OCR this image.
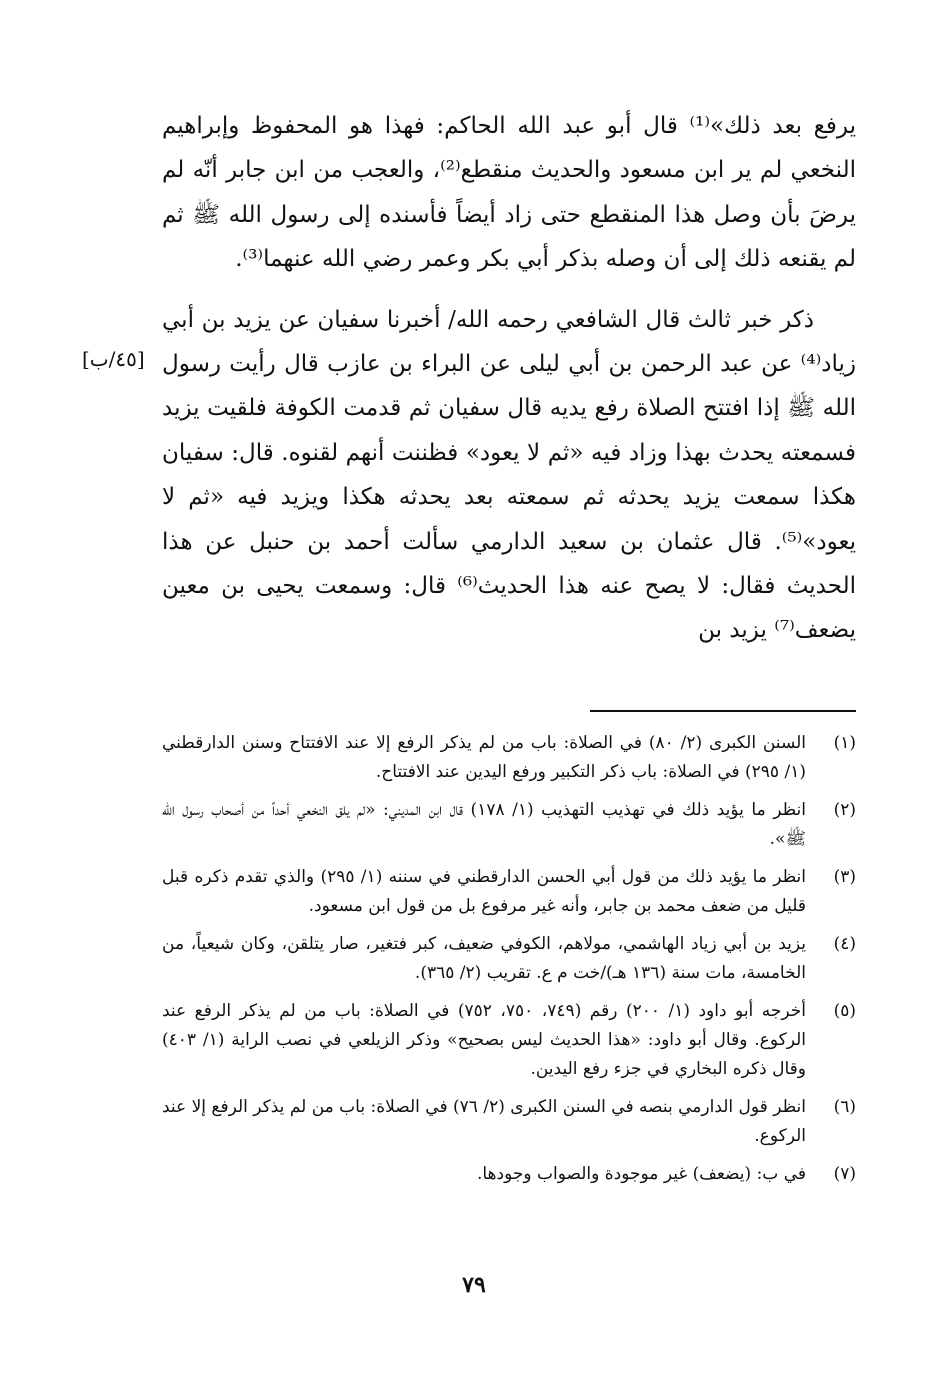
يرفع بعد ذلك»⁽¹⁾ قال أبو عبد الله الحاكم: فهذا هو المحفوظ وإبراهيم النخعي لم ير ابن مسعود والحديث منقطع⁽²⁾، والعجب من ابن جابر أنّه لم يرضَ بأن وصل هذا المنقطع حتى زاد أيضاً فأسنده إلى رسول الله ﷺ ثم لم يقنعه ذلك إلى أن وصله بذكر أبي بكر وعمر رضي الله عنهما⁽³⁾.

ذكر خبر ثالث قال الشافعي رحمه الله/ أخبرنا سفيان عن يزيد بن أبي زياد⁽⁴⁾ عن عبد الرحمن بن أبي ليلى عن البراء بن عازب قال رأيت رسول الله ﷺ إذا افتتح الصلاة رفع يديه قال سفيان ثم قدمت الكوفة فلقيت يزيد فسمعته يحدث بهذا وزاد فيه «ثم لا يعود» فظننت أنهم لقنوه. قال: سفيان هكذا سمعت يزيد يحدثه ثم سمعته بعد يحدثه هكذا ويزيد فيه «ثم لا يعود»⁽⁵⁾. قال عثمان بن سعيد الدارمي سألت أحمد بن حنبل عن هذا الحديث فقال: لا يصح عنه هذا الحديث⁽⁶⁾ قال: وسمعت يحيى بن معين يضعف⁽⁷⁾ يزيد بن

[٤٥/ب]
(١)
السنن الكبرى (٢/ ٨٠) في الصلاة: باب من لم يذكر الرفع إلا عند الافتتاح وسنن الدارقطني (١/ ٢٩٥) في الصلاة: باب ذكر التكبير ورفع اليدين عند الافتتاح.
(٢)
انظر ما يؤيد ذلك في تهذيب التهذيب (١/ ١٧٨) قال ابن المديني: «لم يلق النخعي أحداً من أصحاب رسول الله ﷺ».
(٣)
انظر ما يؤيد ذلك من قول أبي الحسن الدارقطني في سننه (١/ ٢٩٥) والذي تقدم ذكره قبل قليل من ضعف محمد بن جابر، وأنه غير مرفوع بل من قول ابن مسعود.
(٤)
يزيد بن أبي زياد الهاشمي، مولاهم، الكوفي ضعيف، كبر فتغير، صار يتلقن، وكان شيعياً، من الخامسة، مات سنة (١٣٦ هـ)/خت م ع. تقريب (٢/ ٣٦٥).
(٥)
أخرجه أبو داود (١/ ٢٠٠) رقم (٧٤٩، ٧٥٠، ٧٥٢) في الصلاة: باب من لم يذكر الرفع عند الركوع. وقال أبو داود: «هذا الحديث ليس بصحيح» وذكر الزيلعي في نصب الراية (١/ ٤٠٣) وقال ذكره البخاري في جزء رفع اليدين.
(٦)
انظر قول الدارمي بنصه في السنن الكبرى (٢/ ٧٦) في الصلاة: باب من لم يذكر الرفع إلا عند الركوع.
(٧)
في ب: (يضعف) غير موجودة والصواب وجودها.
٧٩
